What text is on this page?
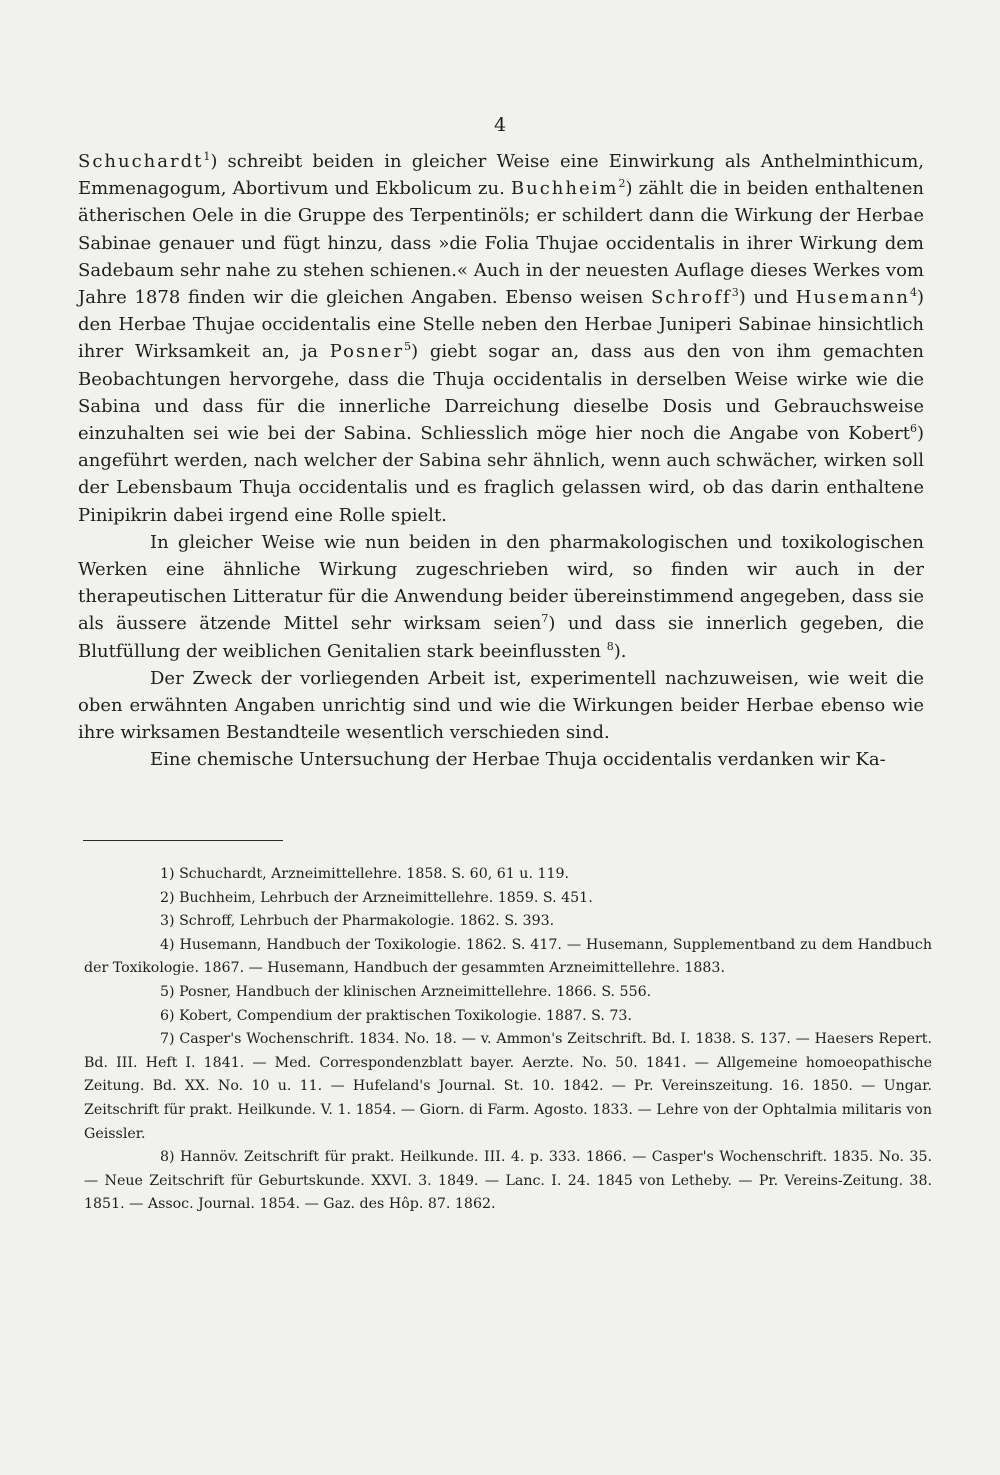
4

Schuchardt$^1$) schreibt beiden in gleicher Weise eine Einwirkung als Anthelminthicum, Emmenagogum, Abortivum und Ekbolicum zu. Buchheim$^2$) zählt die in beiden enthaltenen ätherischen Oele in die Gruppe des Terpentinöls; er schildert dann die Wirkung der Herbae Sabinae genauer und fügt hinzu, dass »die Folia Thujae occidentalis in ihrer Wirkung dem Sadebaum sehr nahe zu stehen schienen.« Auch in der neuesten Auflage dieses Werkes vom Jahre 1878 finden wir die gleichen Angaben. Ebenso weisen Schroff$^3$) und Husemann$^4$) den Herbae Thujae occidentalis eine Stelle neben den Herbae Juniperi Sabinae hinsichtlich ihrer Wirksamkeit an, ja Posner$^5$) giebt sogar an, dass aus den von ihm gemachten Beobachtungen hervorgehe, dass die Thuja occidentalis in derselben Weise wirke wie die Sabina und dass für die innerliche Darreichung dieselbe Dosis und Gebrauchsweise einzuhalten sei wie bei der Sabina. Schliesslich möge hier noch die Angabe von Kobert$^6$) angeführt werden, nach welcher der Sabina sehr ähnlich, wenn auch schwächer, wirken soll der Lebensbaum Thuja occidentalis und es fraglich gelassen wird, ob das darin enthaltene Pinipikrin dabei irgend eine Rolle spielt.

In gleicher Weise wie nun beiden in den pharmakologischen und toxikologischen Werken eine ähnliche Wirkung zugeschrieben wird, so finden wir auch in der therapeutischen Litteratur für die Anwendung beider übereinstimmend angegeben, dass sie als äussere ätzende Mittel sehr wirksam seien$^7$) und dass sie innerlich gegeben, die Blutfüllung der weiblichen Genitalien stark beeinflussten $^8$).

Der Zweck der vorliegenden Arbeit ist, experimentell nachzuweisen, wie weit die oben erwähnten Angaben unrichtig sind und wie die Wirkungen beider Herbae ebenso wie ihre wirksamen Bestandteile wesentlich verschieden sind.

Eine chemische Untersuchung der Herbae Thuja occidentalis verdanken wir Ka-

1) Schuchardt, Arzneimittellehre. 1858. S. 60, 61 u. 119.

2) Buchheim, Lehrbuch der Arzneimittellehre. 1859. S. 451.

3) Schroff, Lehrbuch der Pharmakologie. 1862. S. 393.

4) Husemann, Handbuch der Toxikologie. 1862. S. 417. — Husemann, Supplementband zu dem Handbuch der Toxikologie. 1867. — Husemann, Handbuch der gesammten Arzneimittellehre. 1883.

5) Posner, Handbuch der klinischen Arzneimittellehre. 1866. S. 556.

6) Kobert, Compendium der praktischen Toxikologie. 1887. S. 73.

7) Casper's Wochenschrift. 1834. No. 18. — v. Ammon's Zeitschrift. Bd. I. 1838. S. 137. — Haesers Repert. Bd. III. Heft I. 1841. — Med. Correspondenzblatt bayer. Aerzte. No. 50. 1841. — Allgemeine homoeopathische Zeitung. Bd. XX. No. 10 u. 11. — Hufeland's Journal. St. 10. 1842. — Pr. Vereinszeitung. 16. 1850. — Ungar. Zeitschrift für prakt. Heilkunde. V. 1. 1854. — Giorn. di Farm. Agosto. 1833. — Lehre von der Ophtalmia militaris von Geissler.

8) Hannöv. Zeitschrift für prakt. Heilkunde. III. 4. p. 333. 1866. — Casper's Wochenschrift. 1835. No. 35. — Neue Zeitschrift für Geburtskunde. XXVI. 3. 1849. — Lanc. I. 24. 1845 von Letheby. — Pr. Vereins-Zeitung. 38. 1851. — Assoc. Journal. 1854. — Gaz. des Hôp. 87. 1862.
